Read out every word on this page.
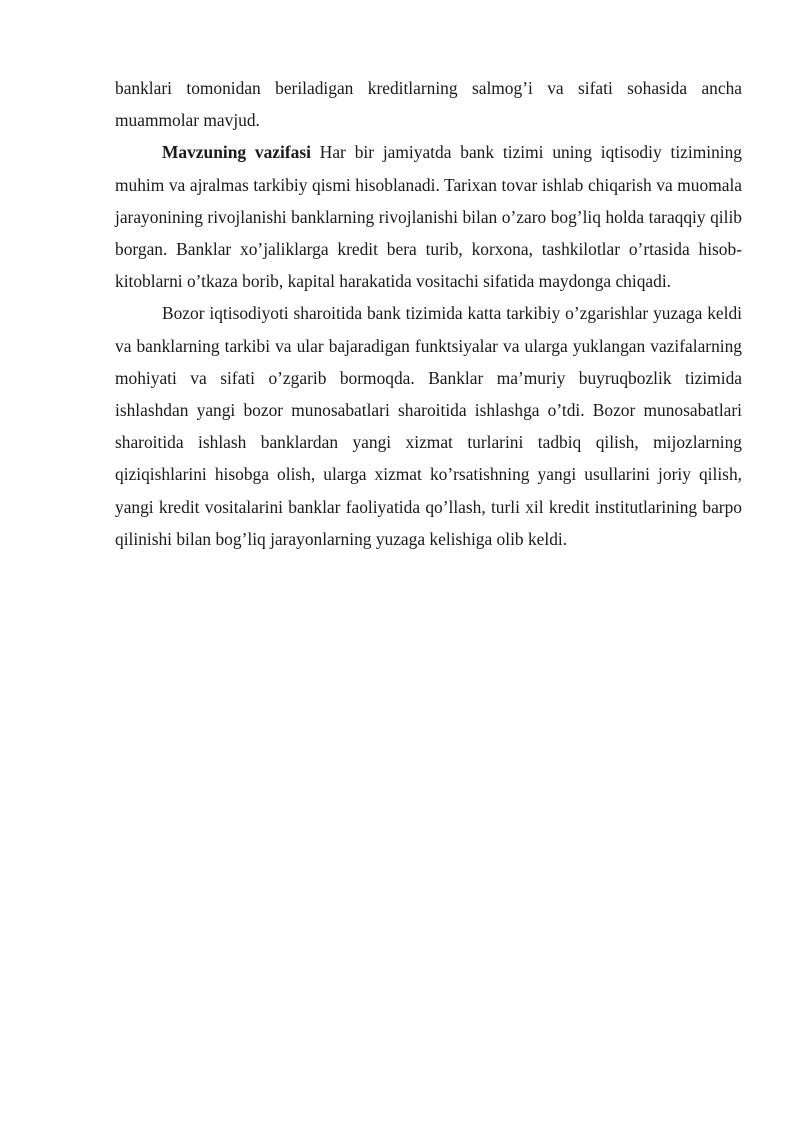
banklari tomonidan beriladigan kreditlarning salmog’i va sifati sohasida ancha muammolar mavjud.

Mavzuning vazifasi Har bir jamiyatda bank tizimi uning iqtisodiy tizimining muhim va ajralmas tarkibiy qismi hisoblanadi. Tarixan tovar ishlab chiqarish va muomala jarayonining rivojlanishi banklarning rivojlanishi bilan o’zaro bog’liq holda taraqqiy qilib borgan. Banklar xo’jaliklarga kredit bera turib, korxona, tashkilotlar o’rtasida hisob-kitoblarni o’tkaza borib, kapital harakatida vositachi sifatida maydonga chiqadi.

Bozor iqtisodiyoti sharoitida bank tizimida katta tarkibiy o’zgarishlar yuzaga keldi va banklarning tarkibi va ular bajaradigan funktsiyalar va ularga yuklangan vazifalarning mohiyati va sifati o’zgarib bormoqda. Banklar ma’muriy buyruqbozlik tizimida ishlashdan yangi bozor munosabatlari sharoitida ishlashga o’tdi. Bozor munosabatlari sharoitida ishlash banklardan yangi xizmat turlarini tadbiq qilish, mijozlarning qiziqishlarini hisobga olish, ularga xizmat ko’rsatishning yangi usullarini joriy qilish, yangi kredit vositalarini banklar faoliyatida qo’llash, turli xil kredit institutlarining barpo qilinishi bilan bog’liq jarayonlarning yuzaga kelishiga olib keldi.
